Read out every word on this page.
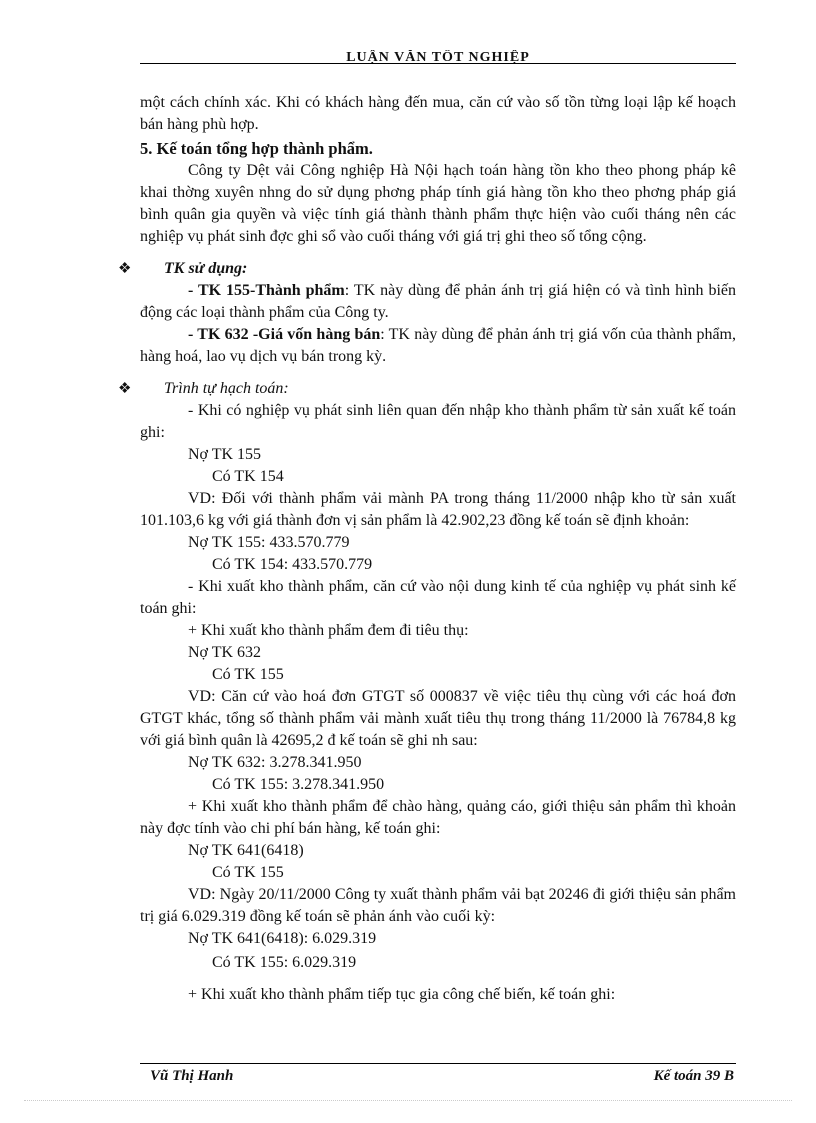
LUẬN VĂN TỐT NGHIỆP

một cách chính xác. Khi có khách hàng đến mua, căn cứ vào số tồn từng loại lập kế hoạch bán hàng phù hợp.

5. Kế toán tổng hợp thành phẩm.

Công ty Dệt vải Công nghiệp Hà Nội hạch toán hàng tồn kho theo phong pháp kê khai thờng xuyên nhng do sử dụng phơng pháp tính giá hàng tồn kho theo phơng pháp giá bình quân gia quyền và việc tính giá thành thành phẩm thực hiện vào cuối tháng nên các nghiệp vụ phát sinh đợc ghi sổ vào cuối tháng với giá trị ghi theo số tổng cộng.

❖ TK sử dụng:

- TK 155-Thành phẩm: TK này dùng để phản ánh trị giá hiện có và tình hình biến động các loại thành phẩm của Công ty.

- TK 632 -Giá vốn hàng bán: TK này dùng để phản ánh trị giá vốn của thành phẩm, hàng hoá, lao vụ dịch vụ bán trong kỳ.

❖ Trình tự hạch toán:

- Khi có nghiệp vụ phát sinh liên quan đến nhập kho thành phẩm từ sản xuất kế toán ghi:

Nợ TK 155

Có TK 154

VD: Đối với thành phẩm vải mành PA trong tháng 11/2000 nhập kho từ sản xuất 101.103,6 kg với giá thành đơn vị sản phẩm là 42.902,23 đồng kế toán sẽ định khoản:

Nợ TK 155: 433.570.779

Có TK 154: 433.570.779

- Khi xuất kho thành phẩm, căn cứ vào nội dung kinh tế của nghiệp vụ phát sinh kế toán ghi:

+ Khi xuất kho thành phẩm đem đi tiêu thụ:

Nợ TK 632

Có TK 155

VD: Căn cứ vào hoá đơn GTGT số 000837 về việc tiêu thụ cùng với các hoá đơn GTGT khác, tổng số thành phẩm vải mành xuất tiêu thụ trong tháng 11/2000 là 76784,8 kg với giá bình quân là 42695,2 đ kế toán sẽ ghi nh sau:

Nợ TK 632: 3.278.341.950

Có TK 155: 3.278.341.950

+ Khi xuất kho thành phẩm để chào hàng, quảng cáo, giới thiệu sản phẩm thì khoản này đợc tính vào chi phí bán hàng, kế toán ghi:

Nợ TK 641(6418)

Có TK 155

VD: Ngày 20/11/2000 Công ty xuất thành phẩm vải bạt 20246 đi giới thiệu sản phẩm trị giá 6.029.319 đồng kế toán sẽ phản ánh vào cuối kỳ:

Nợ TK 641(6418): 6.029.319

Có TK 155: 6.029.319

+ Khi xuất kho thành phẩm tiếp tục gia công chế biến, kế toán ghi:

Vũ Thị Hanh	Kế toán 39 B
